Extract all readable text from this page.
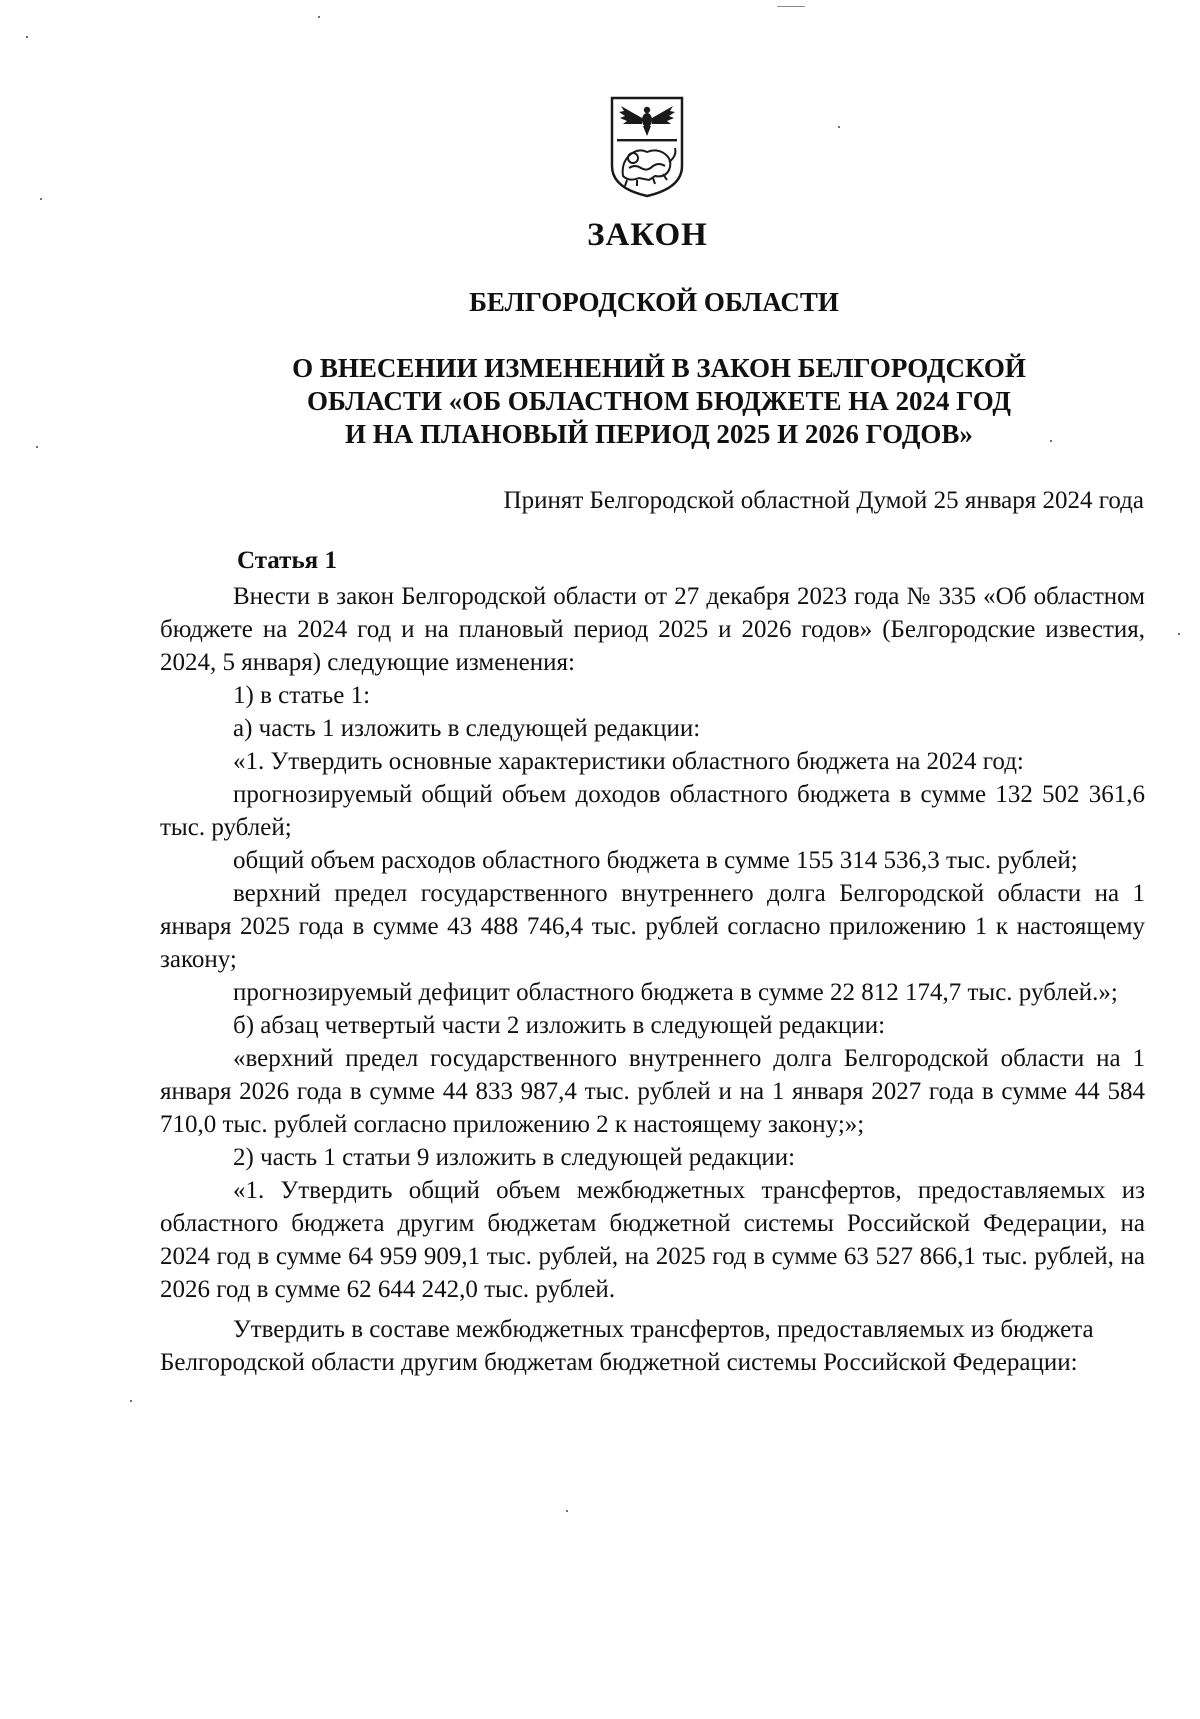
ЗАКОН
БЕЛГОРОДСКОЙ ОБЛАСТИ
О ВНЕСЕНИИ ИЗМЕНЕНИЙ В ЗАКОН БЕЛГОРОДСКОЙ
ОБЛАСТИ «ОБ ОБЛАСТНОМ БЮДЖЕТЕ НА 2024 ГОД
И НА ПЛАНОВЫЙ ПЕРИОД 2025 И 2026 ГОДОВ»

Принят Белгородской областной Думой 25 января 2024 года

Статья 1

Внести в закон Белгородской области от 27 декабря 2023 года № 335 «Об областном бюджете на 2024 год и на плановый период 2025 и 2026 годов» (Белгородские известия, 2024, 5 января) следующие изменения:

1) в статье 1:

а) часть 1 изложить в следующей редакции:

«1. Утвердить основные характеристики областного бюджета на 2024 год:

прогнозируемый общий объем доходов областного бюджета в сумме 132 502 361,6 тыс. рублей;

общий объем расходов областного бюджета в сумме 155 314 536,3 тыс. рублей;

верхний предел государственного внутреннего долга Белгородской области на 1 января 2025 года в сумме 43 488 746,4 тыс. рублей согласно приложению 1 к настоящему закону;

прогнозируемый дефицит областного бюджета в сумме 22 812 174,7 тыс. рублей.»;

б) абзац четвертый части 2 изложить в следующей редакции:

«верхний предел государственного внутреннего долга Белгородской области на 1 января 2026 года в сумме 44 833 987,4 тыс. рублей и на 1 января 2027 года в сумме 44 584 710,0 тыс. рублей согласно приложению 2 к настоящему закону;»;

2) часть 1 статьи 9 изложить в следующей редакции:

«1. Утвердить общий объем межбюджетных трансфертов, предоставляемых из областного бюджета другим бюджетам бюджетной системы Российской Федерации, на 2024 год в сумме 64 959 909,1 тыс. рублей, на 2025 год в сумме 63 527 866,1 тыс. рублей, на 2026 год в сумме 62 644 242,0 тыс. рублей.

Утвердить в составе межбюджетных трансфертов, предоставляемых из бюджета Белгородской области другим бюджетам бюджетной системы Российской Федерации:
